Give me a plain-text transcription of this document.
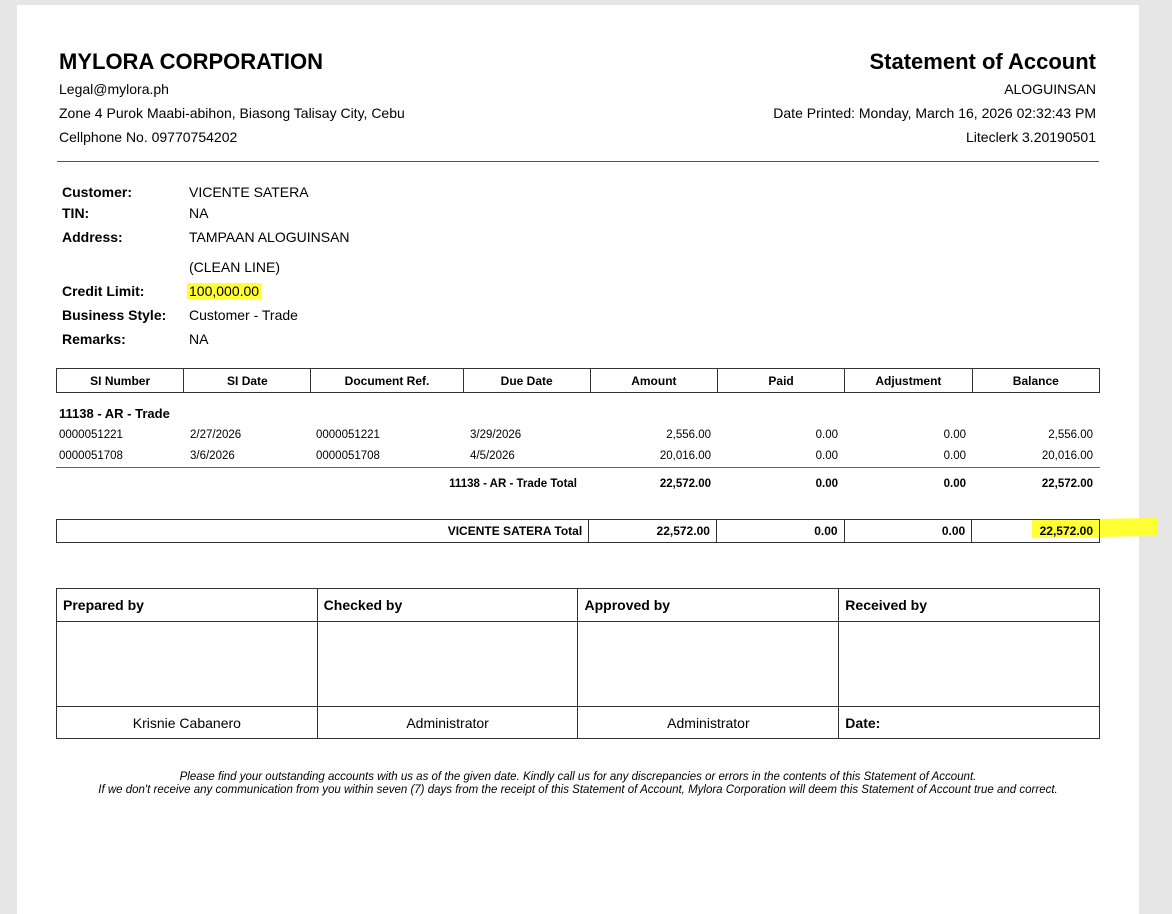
MYLORA CORPORATION
Legal@mylora.ph
Zone 4 Purok Maabi-abihon, Biasong Talisay City, Cebu
Cellphone No. 09770754202
Statement of Account
ALOGUINSAN
Date Printed: Monday, March 16, 2026 02:32:43 PM
Liteclerk 3.20190501
Customer:	VICENTE SATERA
TIN:	NA
Address:	TAMPAAN ALOGUINSAN
(CLEAN LINE)
Credit Limit:	100,000.00
Business Style: Customer - Trade
Remarks:	NA
SI Number	SI Date	Document Ref.	Due Date	Amount	Paid	Adjustment	Balance
11138 - AR - Trade
0000051221	2/27/2026	0000051221	3/29/2026	2,556.00	0.00	0.00	2,556.00
0000051708	3/6/2026	0000051708	4/5/2026	20,016.00	0.00	0.00	20,016.00
11138 - AR - Trade Total	22,572.00	0.00	0.00	22,572.00
VICENTE SATERA Total	22,572.00	0.00	0.00	22,572.00
Prepared by	Checked by	Approved by	Received by

Krisnie Cabanero	Administrator	Administrator	Date:
Please find your outstanding accounts with us as of the given date. Kindly call us for any discrepancies or errors in the contents of this Statement of Account.
If we don't receive any communication from you within seven (7) days from the receipt of this Statement of Account, Mylora Corporation will deem this Statement of Account true and correct.
